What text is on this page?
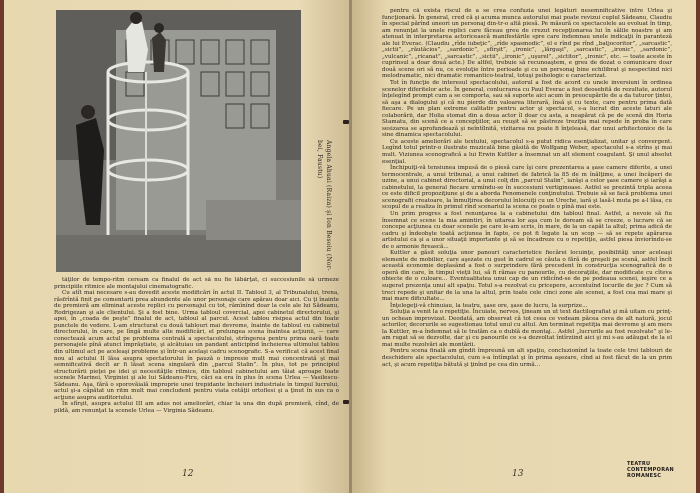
Angela Ahuai (Raiza) şi Ion Besoiu (Nor-
bei, Faustu)

tăţilor de tempo-ritm ceream ca finalul de act să nu fie lăbărţat, ci succesiunile să urmeze principiile ritmice ale montajului cinematografic.

Cu atît mai necesare s-au dovedit aceste modificări în actul II. Tabloul 3, al Tribunalului, trena, răsfrîntă finit pe comentarii prea abundente ale unor personaje care apărau doar aici. Cu ţi înainte de premieră am eliminat aceste replici cu personajul cu tot, rămînînd doar la cele ale lui Sădeanu, Rodrigezan şi ale clientului. Şi a fost bine. Urma tabloul covercial, apoi cabinetul directorului, şi apoi, în „coada de peşte” finalul de act, tabloul al parcul. Acest tablou risipea actul din toate punctele de vedere. L-am structurat cu două tablouri mai devreme, înainte de tabloul cu cabinetul directorului, în care, pe lîngă multe alte modificări, el prelungea scena înaintea acţiunii, — care conectează acum actul pe problema centrală a spectacolului, strîngerea pentru prima oară toate personajele pînă atunci împrăştiate, şi alcătuiau un pandant anticipînd încheierea ultimului tablou din ultimul act pe aceleaşi probleme şi într-un acelaşi cadru scenografic. S-a verificat că acest final nou al actului II lăsa asupra spectatorului în pauză o impresie mult mai concentrată şi mai semnificativă decît ar fi lăsat scena singulară din „parcul Stalin”. În plus, tot pe principiul structurării pieţei pe idei şi necesităţile ritmice, din tabloul cabinetului am tăiat aproape toate scenele Marinei, Virginiei şi ale lui Sădeanu-Firu, căci ea era în plus în scena Urlea — Vasilescu-Sădeanu. Aşa, fără o sporovăială improprie unei trepidante încheieri industriale în timpul lucrului, actul şi-a căpătat un ritm mult mai concludent pentru viata cetăţii ortoflesi şi a ţinut în sus ca o acţiune asupra auditoriului.

În sfîrşit, asupra actului III am adus noi ameliorări, chiar la una din după premieră, cînd, de pildă, am renunţat la scenele Urlea — Virginia Sădeanu.

12

pentru că exista riscul de a se crea confuzia unei legături nesemnificative între Urlea şi funcţionară. În general, cred că şi acuma munca autorului mai poate revizui cuplul Sădeanu, Claudiu în special părînd uneori un personaj din-tr-o altă piesă. Pe măsură ce spectacolele au evoluat în timp, am renunţat la unele replici care făceau greu de crezut recepţionarea lui în sălile noastre şi am atenuat în interpretarea actoricească manifestările spre care îndemnau unele indicaţii în paranteză ale lui Everac. (Claudiu „rîde iubeţic”, „rîde spasmodic”, el e rînd pe rînd „batjocoritor”, „sarcastic”, „sictii”, „răutăcios”, „sardonic”, „sfîrşit”, „ironic”, „lărgaşi”, „sarcastic”, „ironic”, „sardonic”, „vulcanic”, „ricanat”, „sarcastic”, „sictii”, „ironic”, „uşurel”, „sictitor”, „ironic”, etc. — toate aceste în cuprinsul a doar două acte.) De altfel, trebuie să recunoaştem, e greu de dozat o comunicare doar două scene ori să nu, ce evoluţie între perioade şi cu un personaj bine echilibrat şi nespectind nici melodramatic, nici dramatic romantico-teatral, totuşi psihologic e caracterizat.

Tot în funcţie de interesul spectacolului, autorul a fost de acord cu unele inversiuni în ordinea scenelor diferitelor acte. În general, conlucrarea cu Paul Everac a fost deosebită de rezultate, autorul înţelegînd prompt cum a se comporta, sau să suporte aici acum în preocupările de a da tuturor ţintei, să aşa a dialogului şi că nu pierde din valoarea literară, însă şi cu texte, care pentru prima dată fiecare. Pe un plan extreme calitativ pentru actor şi spectacol, s-a lucrat din aceste laturi ale colaborării, dar Holia stomat din a doua actor îl doar cu asta, a neapărat că pe de scenă din Horia Stamatu, din scenă ce a concepţiilor, au reuşit să se păstreze treziţia mai repede în proba în care sesizarea se aprofundează şi neîntîlnită, vizitarea nu poate fi înţeleasă, dar unui arhitectonice de la sine dinamica spectacolului.

Cu aceste ameliorări ale textului, spectacolul s-a putut ridica esenţializat, unitar şi convergent. Legînd totul printr-o ilustrate muzicală bine găsită de Wolfgang Weber, spectacolul s-a strîns şi mai mult. Viziunea scenografică a lui Erwin Kuttler a însemnat un alt element coagulant. Şi unul absolut esenţial.

Închipuiţi-vă tensiunea impusă de o piesă care îşi cere prezentarea a şase camere diferite, a unei termocentrale, a unui tribunal, a unui cabinet de fabrică la 85 de m înălţime, a unei încăperi de uzine, a unui cabinet directorial, a unui colţ din „parcul Stalin”, iarăşi a celor şase camere şi iarăşi a cabinetului, la general fiecare urmîndu-se în succesiuni vertiginoase. Astfel se prezintă tripla aceea ce este dificil propoziţiune şi de a aborda Fenomenele conţinutului. Trebuie să se facă problema unei scenografii creatoare, la înmulţirea decorului înlocuiţi cu un Ureche, iară şi lasă-l muta pe a-l lăsa, cu scopul de a realiza în primul rînd scenariul la scena ce poate o pînă mai este.

Un prim progres a fost renunţarea la a cabinetului din tabloul final. Astfel, a nevoie să fiu însemnat ce scene la mia amintiri, în uitarea lor aşa cum le doream să se creeze, o lucrare că se concepe acţiunea cu doar scenele pe care le-am scris, în mare, de la un capăt la altul; prima adică de cadru şi îndeobşte toată acţiunea în fapte, ce pot fi legate la un scop — să se repete apărarea artistului ca şi a unor situaţii importante şi să se încadreze cu o repetiţie, astfel piesa înviorîndu-se de o armonie firească...

Kuttler a găsit soluţia unor panouri caracteristice fiecărei locuinţe, posibilităţi unor aceleaşi elemente de mobilier, care aşezate cu gust în cadrul se căuta o fără de greşeli pe scenă, astfel încît această economie deplasând a fost o surprindere fără precedent în construcţia scenografică de o operă din care, în timpul vieţii lui, să fi rămas cu panourile, cu decoraţiile, dar modificate cu cîteva obiecte de o culoare... Eventualitatea unui cap de un ridicînd-se de pe podeaua scenei, ieşire ce a sugerat prezenţa unui alt spaţiu. Totul s-a rezolvat cu pricepere, accentuînd locurile de joc ? Cum să treci repede şi unitar de la una la altul, prin toate cele cinci zone ale scenei, a fost cea mai mare şi mai mare dificultate...

Înţelegeţi-vă chinuiau, la teatru, şase ore, şase de lucru, la surprize...

Soluţia a venit la o repetiţie. Încuiate, nervos, ţineam un ut text dactilografiat şi mă uitam cu prinţ-un ochean improvizat. Deodată, am observat că tot ceea ce vedeam păcea ceva de alt natură, jocul actorilor, decorurile se sugestionau totul unul cu altul. Am terminat repetiţia mai devreme şi am mers la Kuttler, m-a îndemnat să le tratăm ca o dublă de montaj... Astfel „lucrurile au fost rezolvate” şi le-am rugat să se dezvolte, dar şi cu panourile ce s-a dezvoltat întîrziind aici şi mi s-au adăugat de la el mai multe rezolvări ale montării.

Pentru scena finală am gîndit împreună un alt spaţiu, concluzionînd la toate cele trei tablouri de deschidere ale spectacolului, cum s-a întîmplat şi în prima aşezare, cînd ai fost făcut de la un prim act, şi acum repetiţia bătută şi ţinînd pe cea din urmă...

13
TEATRU
CONTEMPORAN
ROMANESC
